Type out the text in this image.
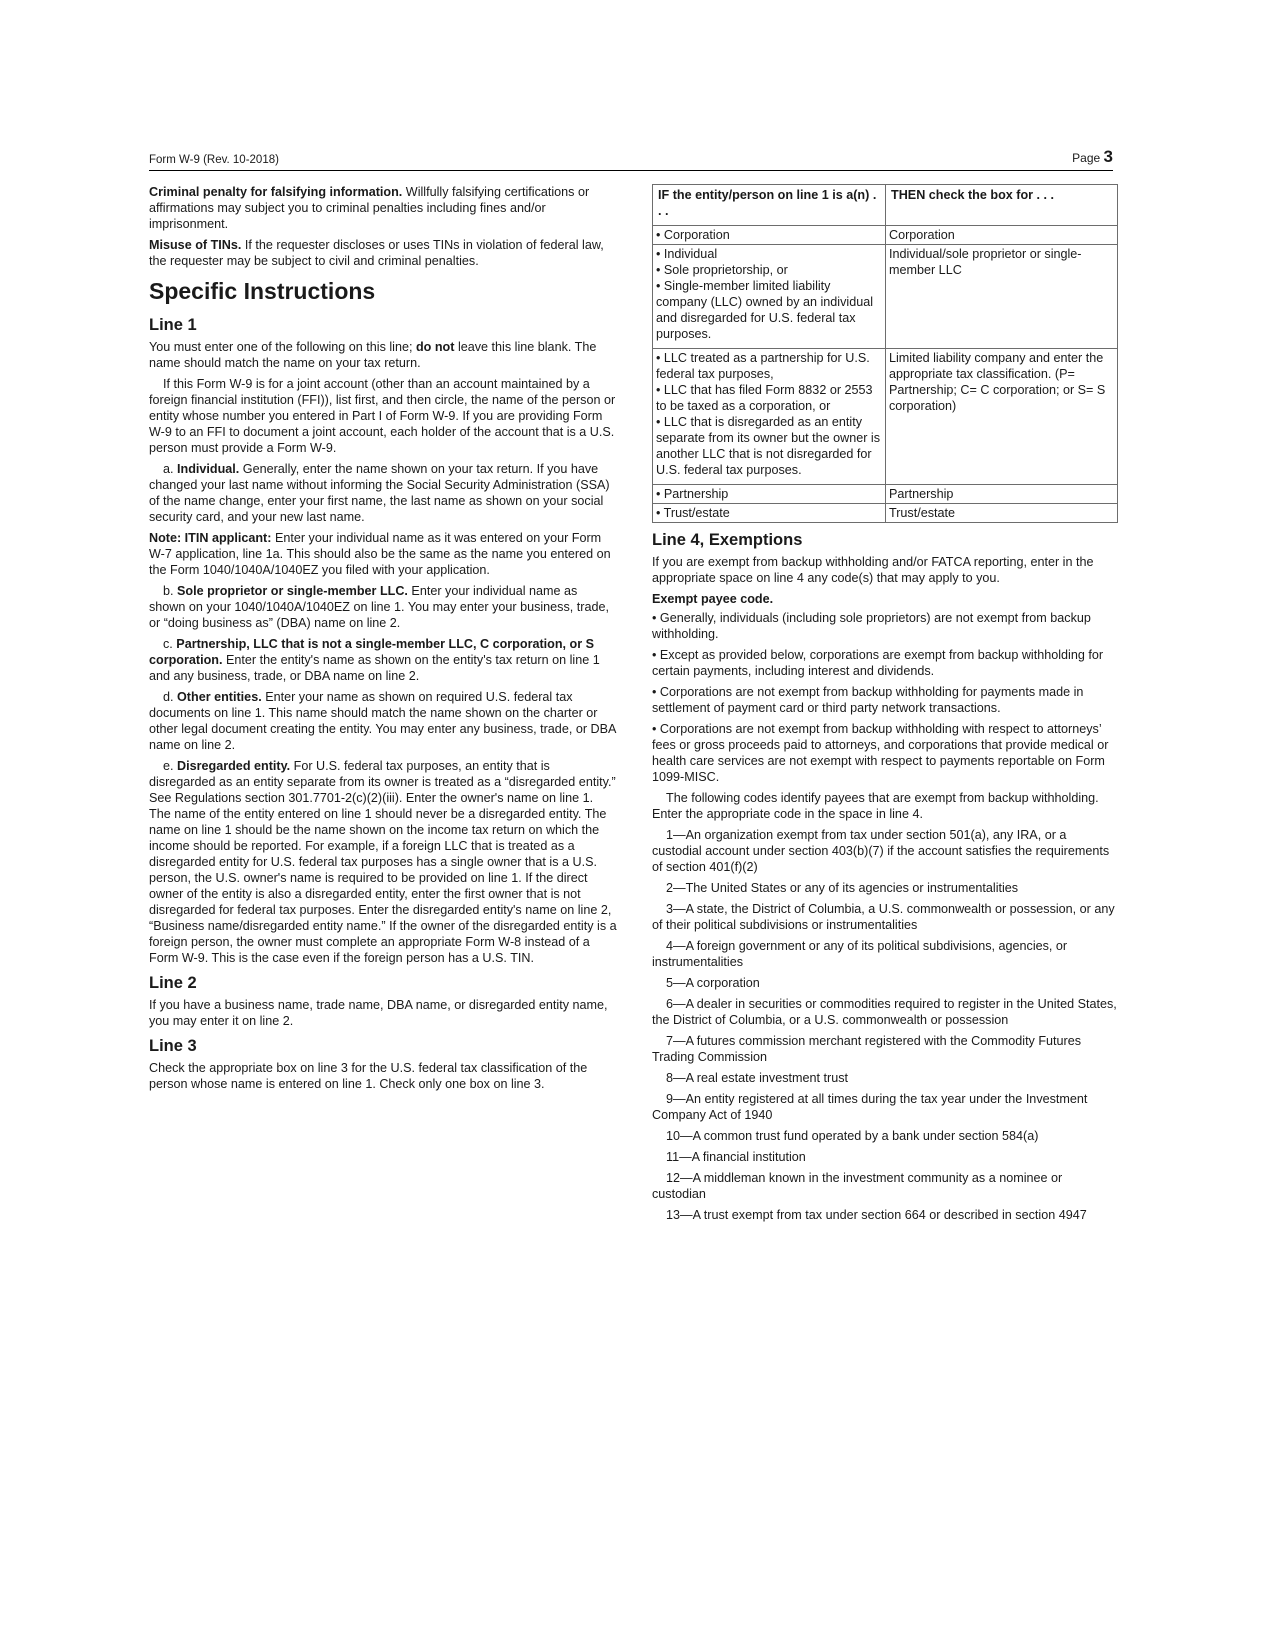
Form W-9 (Rev. 10-2018)	Page 3

Criminal penalty for falsifying information. Willfully falsifying certifications or affirmations may subject you to criminal penalties including fines and/or imprisonment.

Misuse of TINs. If the requester discloses or uses TINs in violation of federal law, the requester may be subject to civil and criminal penalties.

Specific Instructions
Line 1

You must enter one of the following on this line; do not leave this line blank. The name should match the name on your tax return.

If this Form W-9 is for a joint account (other than an account maintained by a foreign financial institution (FFI)), list first, and then circle, the name of the person or entity whose number you entered in Part I of Form W-9. If you are providing Form W-9 to an FFI to document a joint account, each holder of the account that is a U.S. person must provide a Form W-9.

a. Individual. Generally, enter the name shown on your tax return. If you have changed your last name without informing the Social Security Administration (SSA) of the name change, enter your first name, the last name as shown on your social security card, and your new last name.

Note: ITIN applicant: Enter your individual name as it was entered on your Form W-7 application, line 1a. This should also be the same as the name you entered on the Form 1040/1040A/1040EZ you filed with your application.

b. Sole proprietor or single-member LLC. Enter your individual name as shown on your 1040/1040A/1040EZ on line 1. You may enter your business, trade, or “doing business as” (DBA) name on line 2.

c. Partnership, LLC that is not a single-member LLC, C corporation, or S corporation. Enter the entity's name as shown on the entity's tax return on line 1 and any business, trade, or DBA name on line 2.

d. Other entities. Enter your name as shown on required U.S. federal tax documents on line 1. This name should match the name shown on the charter or other legal document creating the entity. You may enter any business, trade, or DBA name on line 2.

e. Disregarded entity. For U.S. federal tax purposes, an entity that is disregarded as an entity separate from its owner is treated as a “disregarded entity.” See Regulations section 301.7701-2(c)(2)(iii). Enter the owner's name on line 1. The name of the entity entered on line 1 should never be a disregarded entity. The name on line 1 should be the name shown on the income tax return on which the income should be reported. For example, if a foreign LLC that is treated as a disregarded entity for U.S. federal tax purposes has a single owner that is a U.S. person, the U.S. owner's name is required to be provided on line 1. If the direct owner of the entity is also a disregarded entity, enter the first owner that is not disregarded for federal tax purposes. Enter the disregarded entity's name on line 2, “Business name/disregarded entity name.” If the owner of the disregarded entity is a foreign person, the owner must complete an appropriate Form W-8 instead of a Form W-9. This is the case even if the foreign person has a U.S. TIN.

Line 2

If you have a business name, trade name, DBA name, or disregarded entity name, you may enter it on line 2.

Line 3

Check the appropriate box on line 3 for the U.S. federal tax classification of the person whose name is entered on line 1. Check only one box on line 3.

IF the entity/person on line 1 is a(n) . . .	THEN check the box for . . .

• Corporation	Corporation

• Individual
• Sole proprietorship, or
• Single-member limited liability company (LLC) owned by an individual and disregarded for U.S. federal tax purposes.	Individual/sole proprietor or single-member LLC

• LLC treated as a partnership for U.S. federal tax purposes,
• LLC that has filed Form 8832 or 2553 to be taxed as a corporation, or
• LLC that is disregarded as an entity separate from its owner but the owner is another LLC that is not disregarded for U.S. federal tax purposes.	Limited liability company and enter the appropriate tax classification. (P= Partnership; C= C corporation; or S= S corporation)

• Partnership	Partnership

• Trust/estate	Trust/estate
Line 4, Exemptions

If you are exempt from backup withholding and/or FATCA reporting, enter in the appropriate space on line 4 any code(s) that may apply to you.

Exempt payee code.

• Generally, individuals (including sole proprietors) are not exempt from backup withholding.

• Except as provided below, corporations are exempt from backup withholding for certain payments, including interest and dividends.

• Corporations are not exempt from backup withholding for payments made in settlement of payment card or third party network transactions.

• Corporations are not exempt from backup withholding with respect to attorneys’ fees or gross proceeds paid to attorneys, and corporations that provide medical or health care services are not exempt with respect to payments reportable on Form 1099-MISC.

The following codes identify payees that are exempt from backup withholding. Enter the appropriate code in the space in line 4.

1—An organization exempt from tax under section 501(a), any IRA, or a custodial account under section 403(b)(7) if the account satisfies the requirements of section 401(f)(2)

2—The United States or any of its agencies or instrumentalities

3—A state, the District of Columbia, a U.S. commonwealth or possession, or any of their political subdivisions or instrumentalities

4—A foreign government or any of its political subdivisions, agencies, or instrumentalities

5—A corporation

6—A dealer in securities or commodities required to register in the United States, the District of Columbia, or a U.S. commonwealth or possession

7—A futures commission merchant registered with the Commodity Futures Trading Commission

8—A real estate investment trust

9—An entity registered at all times during the tax year under the Investment Company Act of 1940

10—A common trust fund operated by a bank under section 584(a)

11—A financial institution

12—A middleman known in the investment community as a nominee or custodian

13—A trust exempt from tax under section 664 or described in section 4947
